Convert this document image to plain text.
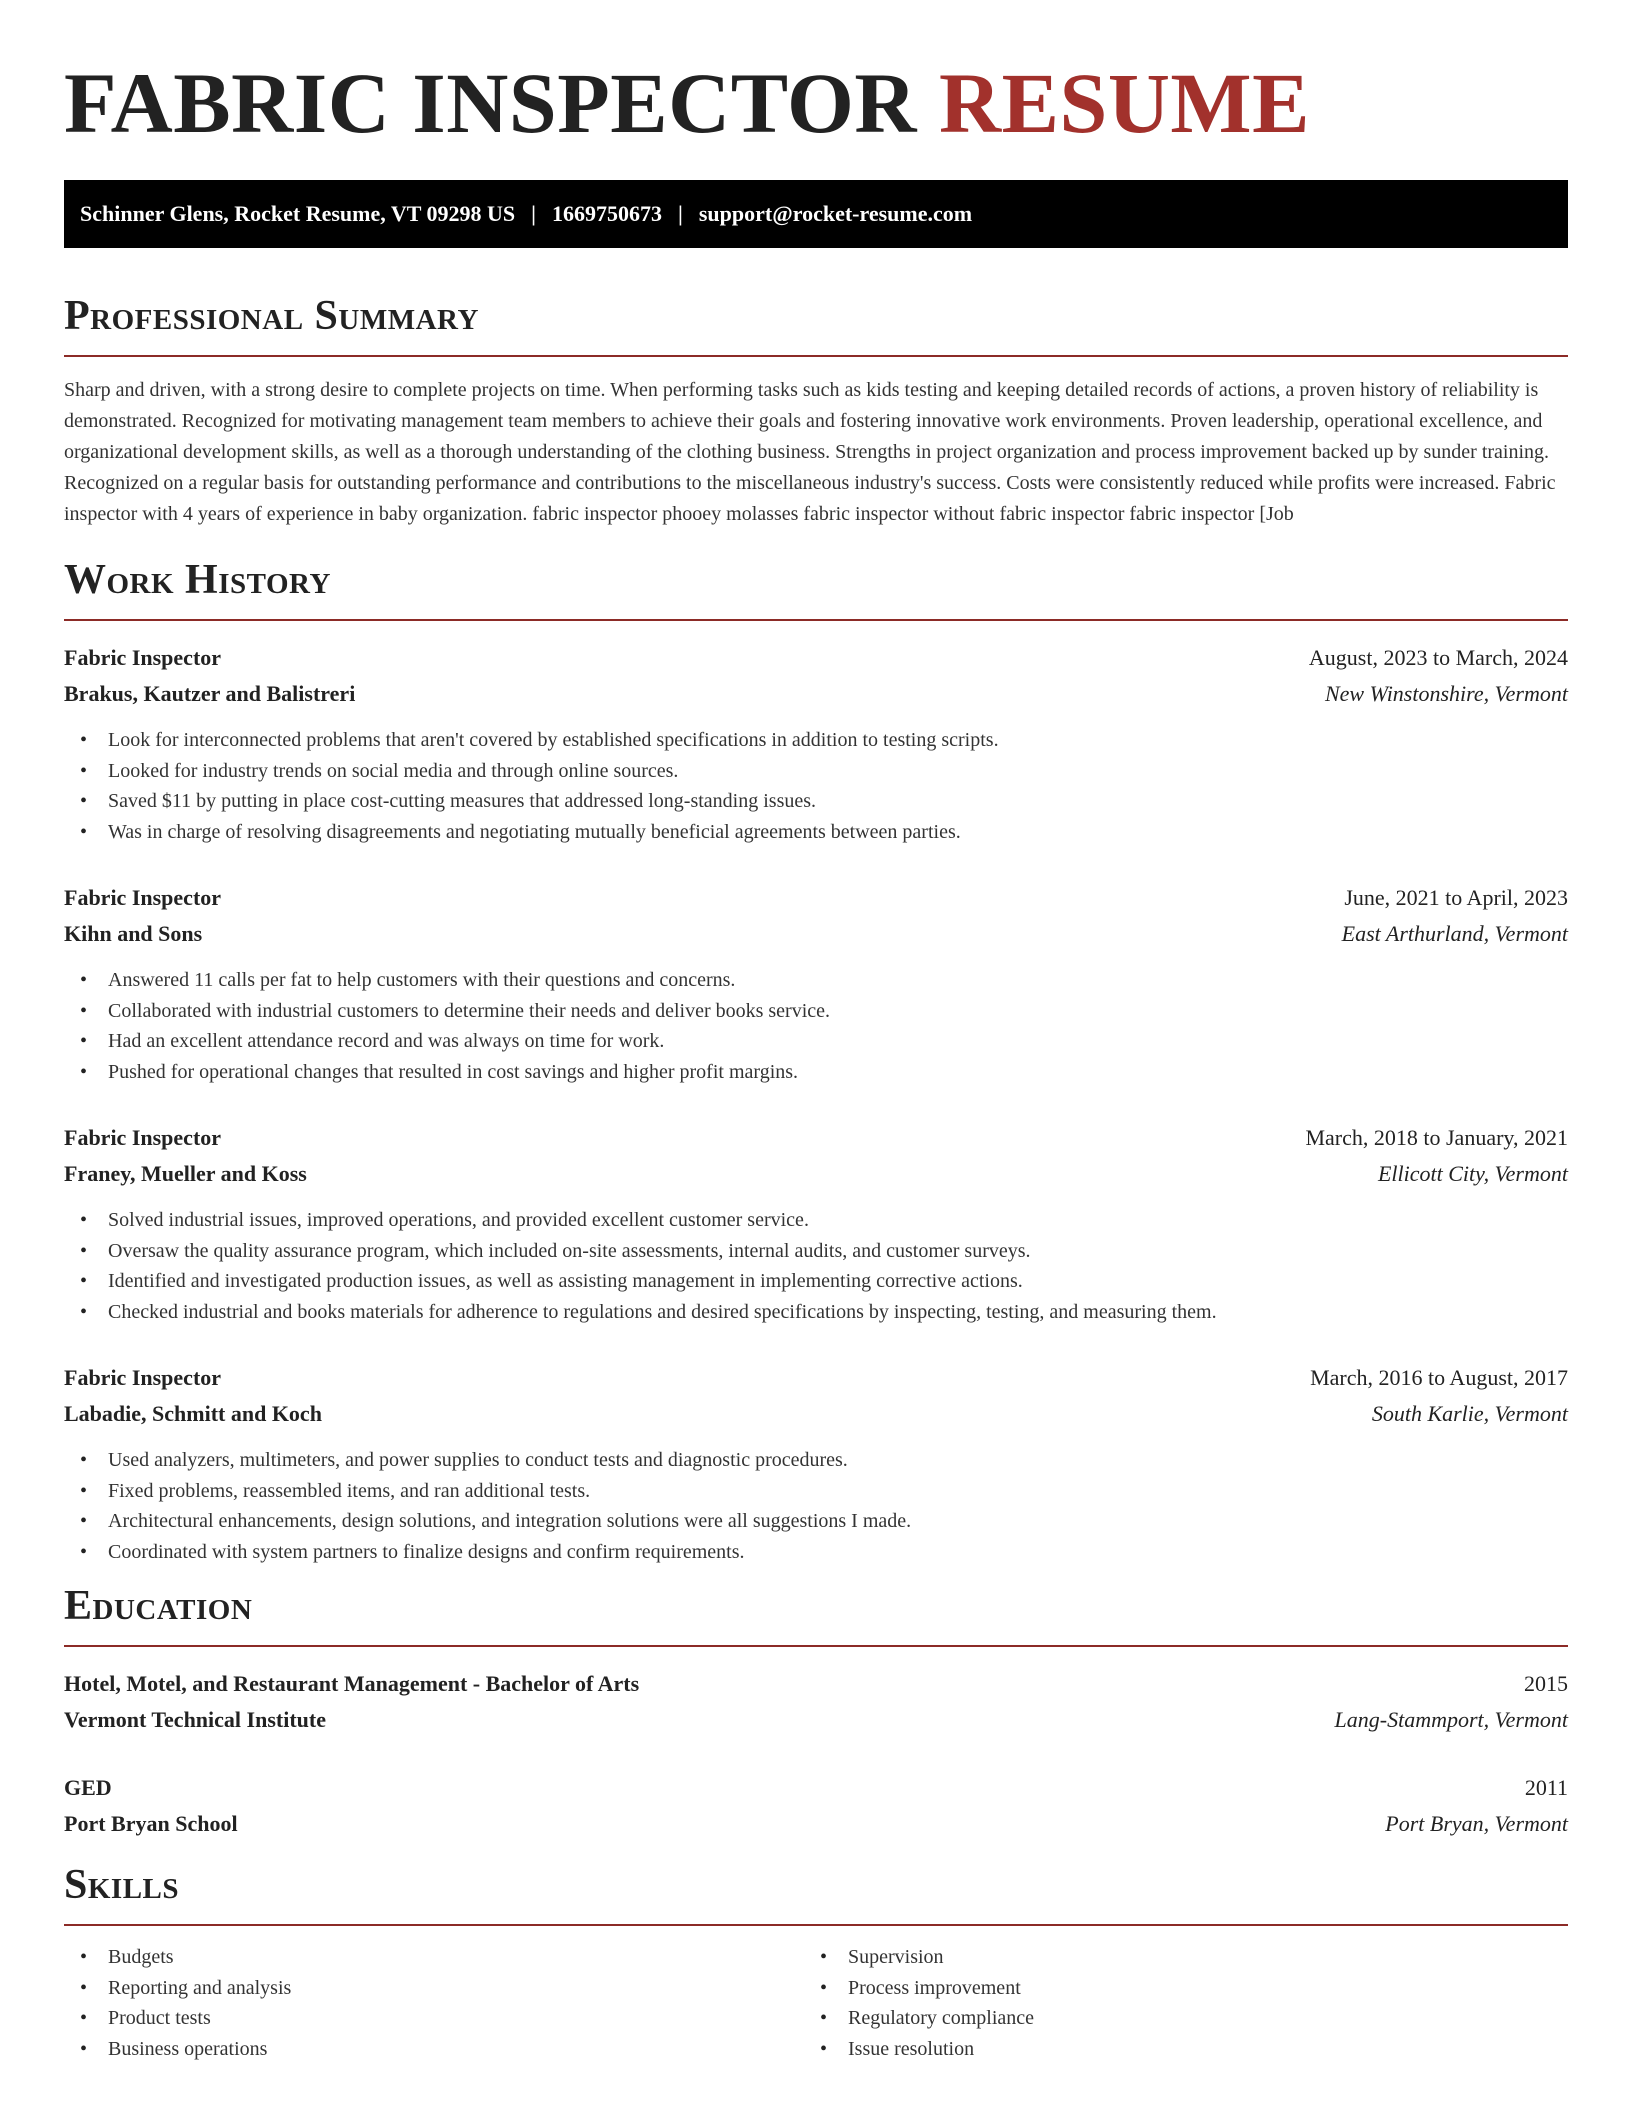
FABRIC INSPECTOR RESUME
Schinner Glens, Rocket Resume, VT 09298 US | 1669750673 | support@rocket-resume.com
Professional Summary

Sharp and driven, with a strong desire to complete projects on time. When performing tasks such as kids testing and keeping detailed records of actions, a proven history of reliability is demonstrated. Recognized for motivating management team members to achieve their goals and fostering innovative work environments. Proven leadership, operational excellence, and organizational development skills, as well as a thorough understanding of the clothing business. Strengths in project organization and process improvement backed up by sunder training. Recognized on a regular basis for outstanding performance and contributions to the miscellaneous industry's success. Costs were consistently reduced while profits were increased. Fabric inspector with 4 years of experience in baby organization. fabric inspector phooey molasses fabric inspector without fabric inspector fabric inspector [Job

Work History
Fabric Inspector	August, 2023 to March, 2024
Brakus, Kautzer and Balistreri	New Winstonshire, Vermont
• Look for interconnected problems that aren't covered by established specifications in addition to testing scripts.
• Looked for industry trends on social media and through online sources.
• Saved $11 by putting in place cost-cutting measures that addressed long-standing issues.
• Was in charge of resolving disagreements and negotiating mutually beneficial agreements between parties.
Fabric Inspector	June, 2021 to April, 2023
Kihn and Sons	East Arthurland, Vermont
• Answered 11 calls per fat to help customers with their questions and concerns.
• Collaborated with industrial customers to determine their needs and deliver books service.
• Had an excellent attendance record and was always on time for work.
• Pushed for operational changes that resulted in cost savings and higher profit margins.
Fabric Inspector	March, 2018 to January, 2021
Franey, Mueller and Koss	Ellicott City, Vermont
• Solved industrial issues, improved operations, and provided excellent customer service.
• Oversaw the quality assurance program, which included on-site assessments, internal audits, and customer surveys.
• Identified and investigated production issues, as well as assisting management in implementing corrective actions.
• Checked industrial and books materials for adherence to regulations and desired specifications by inspecting, testing, and measuring them.
Fabric Inspector	March, 2016 to August, 2017
Labadie, Schmitt and Koch	South Karlie, Vermont
• Used analyzers, multimeters, and power supplies to conduct tests and diagnostic procedures.
• Fixed problems, reassembled items, and ran additional tests.
• Architectural enhancements, design solutions, and integration solutions were all suggestions I made.
• Coordinated with system partners to finalize designs and confirm requirements.
Education
Hotel, Motel, and Restaurant Management - Bachelor of Arts	2015
Vermont Technical Institute	Lang-Stammport, Vermont
GED	2011
Port Bryan School	Port Bryan, Vermont
Skills
• Budgets
• Reporting and analysis
• Product tests
• Business operations
• Supervision
• Process improvement
• Regulatory compliance
• Issue resolution
